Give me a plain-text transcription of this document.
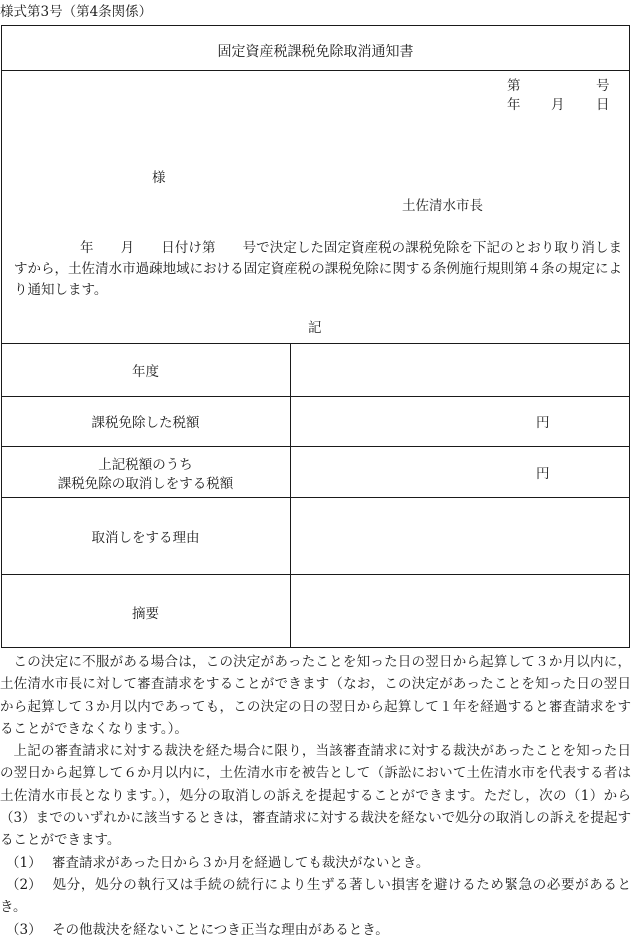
様式第3号（第4条関係）
固定資産税課税免除取消通知書
第	号
年 月 日
様
土佐清水市長
年　　月　　日付け第　　号で決定した固定資産税の課税免除を下記のとおり取り消しますから，土佐清水市過疎地域における固定資産税の課税免除に関する条例施行規則第４条の規定により通知します。
記
年度
課税免除した税額	円
上記税額のうち
課税免除の取消しをする税額
円
取消しをする理由
摘要

この決定に不服がある場合は，この決定があったことを知った日の翌日から起算して３か月以内に，土佐清水市長に対して審査請求をすることができます（なお，この決定があったことを知った日の翌日から起算して３か月以内であっても，この決定の日の翌日から起算して１年を経過すると審査請求をすることができなくなります。）。

上記の審査請求に対する裁決を経た場合に限り，当該審査請求に対する裁決があったことを知った日の翌日から起算して６か月以内に，土佐清水市を被告として（訴訟において土佐清水市を代表する者は土佐清水市長となります。），処分の取消しの訴えを提起することができます。ただし，次の（1）から（3）までのいずれかに該当するときは，審査請求に対する裁決を経ないで処分の取消しの訴えを提起することができます。

（1） 審査請求があった日から３か月を経過しても裁決がないとき。

（2） 処分，処分の執行又は手続の続行により生ずる著しい損害を避けるため緊急の必要があるとき。

（3） その他裁決を経ないことにつき正当な理由があるとき。
